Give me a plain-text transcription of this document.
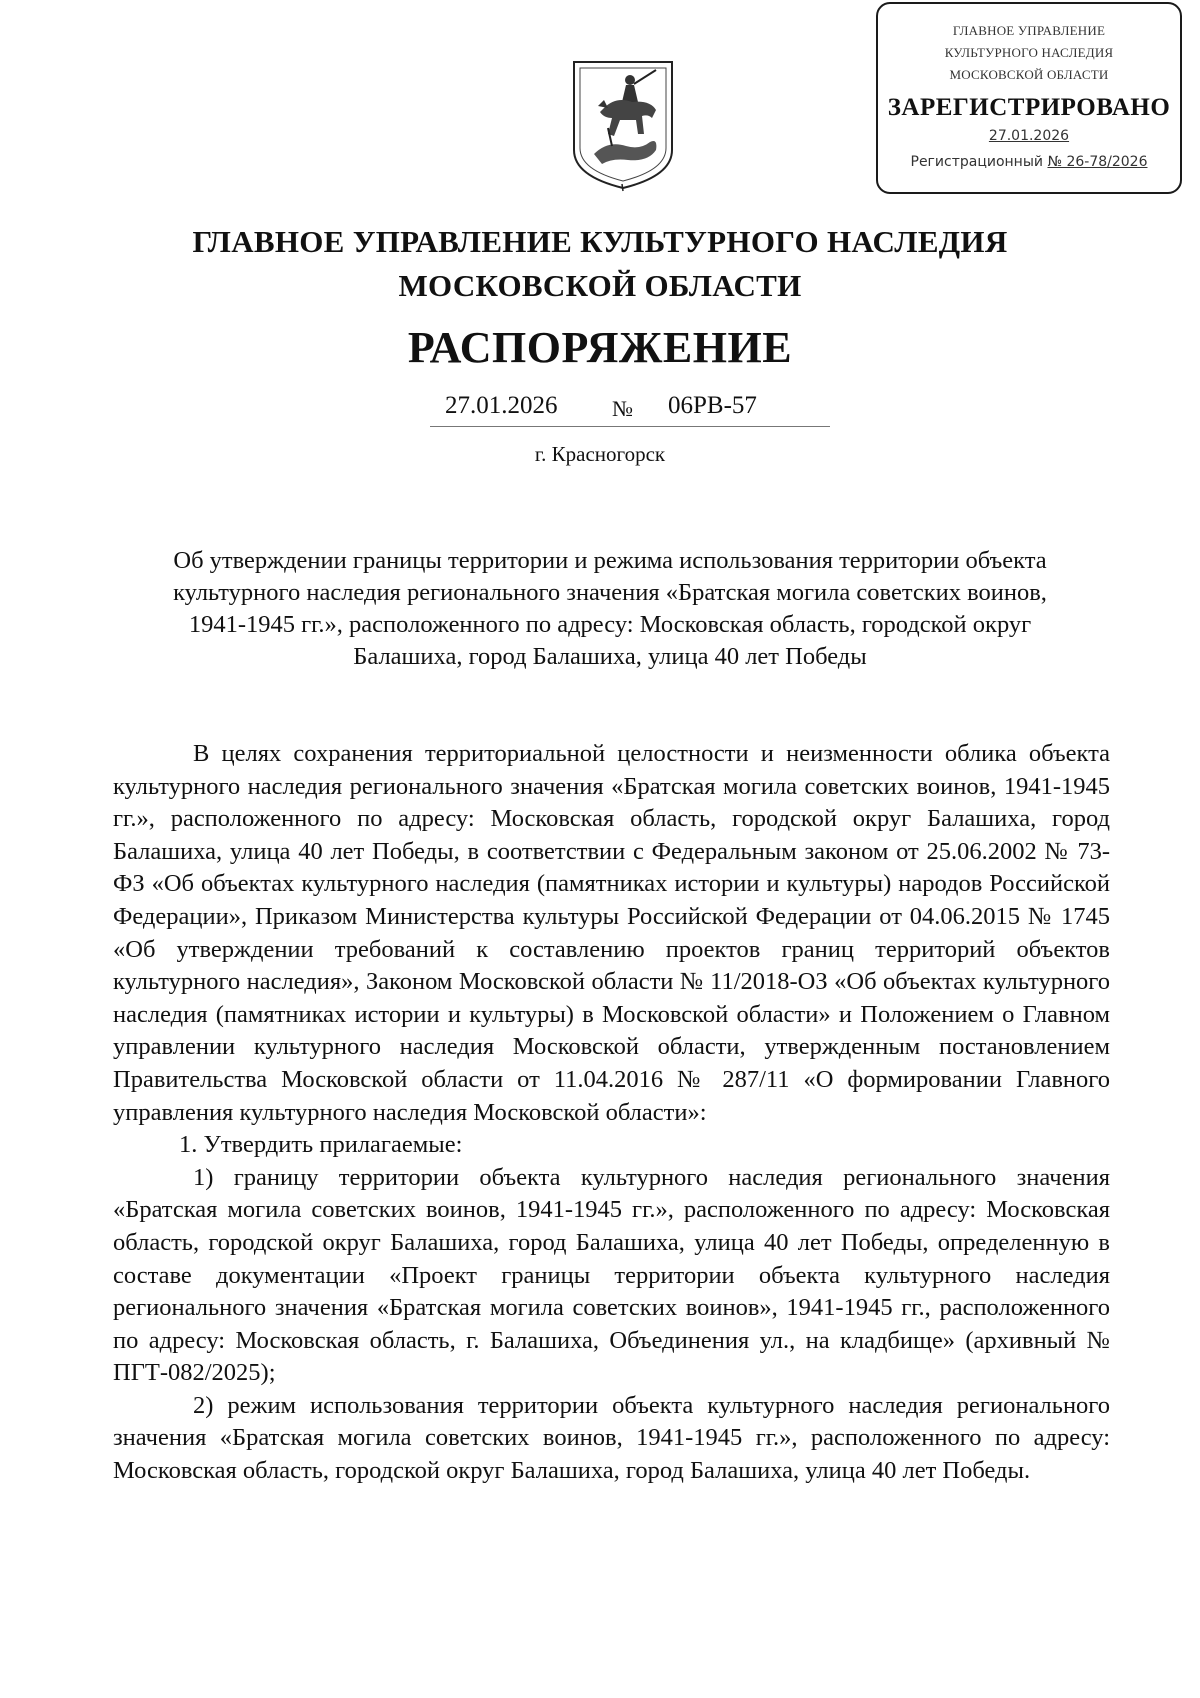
ГЛАВНОЕ УПРАВЛЕНИЕ
КУЛЬТУРНОГО НАСЛЕДИЯ
МОСКОВСКОЙ ОБЛАСТИ
ЗАРЕГИСТРИРОВАНО
27.01.2026
Регистрационный № 26-78/2026
ГЛАВНОЕ УПРАВЛЕНИЕ КУЛЬТУРНОГО НАСЛЕДИЯ
МОСКОВСКОЙ ОБЛАСТИ
РАСПОРЯЖЕНИЕ
27.01.2026 № 06РВ-57
г. Красногорск
Об утверждении границы территории и режима использования территории объекта
культурного наследия регионального значения «Братская могила советских воинов,
1941-1945 гг.», расположенного по адресу: Московская область, городской округ
Балашиха, город Балашиха, улица 40 лет Победы

В целях сохранения территориальной целостности и неизменности облика объекта культурного наследия регионального значения «Братская могила советских воинов, 1941-1945 гг.», расположенного по адресу: Московская область, городской округ Балашиха, город Балашиха, улица 40 лет Победы, в соответствии с Федеральным законом от 25.06.2002 № 73-ФЗ «Об объектах культурного наследия (памятниках истории и культуры) народов Российской Федерации», Приказом Министерства культуры Российской Федерации от 04.06.2015 № 1745 «Об утверждении требований к составлению проектов границ территорий объектов культурного наследия», Законом Московской области № 11/2018-ОЗ «Об объектах культурного наследия (памятниках истории и культуры) в Московской области» и Положением о Главном управлении культурного наследия Московской области, утвержденным постановлением Правительства Московской области от 11.04.2016 № 287/11 «О формировании Главного управления культурного наследия Московской области»:

1. Утвердить прилагаемые:

1) границу территории объекта культурного наследия регионального значения «Братская могила советских воинов, 1941-1945 гг.», расположенного по адресу: Московская область, городской округ Балашиха, город Балашиха, улица 40 лет Победы, определенную в составе документации «Проект границы территории объекта культурного наследия регионального значения «Братская могила советских воинов», 1941-1945 гг., расположенного по адресу: Московская область, г. Балашиха, Объединения ул., на кладбище» (архивный № ПГТ-082/2025);

2) режим использования территории объекта культурного наследия регионального значения «Братская могила советских воинов, 1941-1945 гг.», расположенного по адресу: Московская область, городской округ Балашиха, город Балашиха, улица 40 лет Победы.
